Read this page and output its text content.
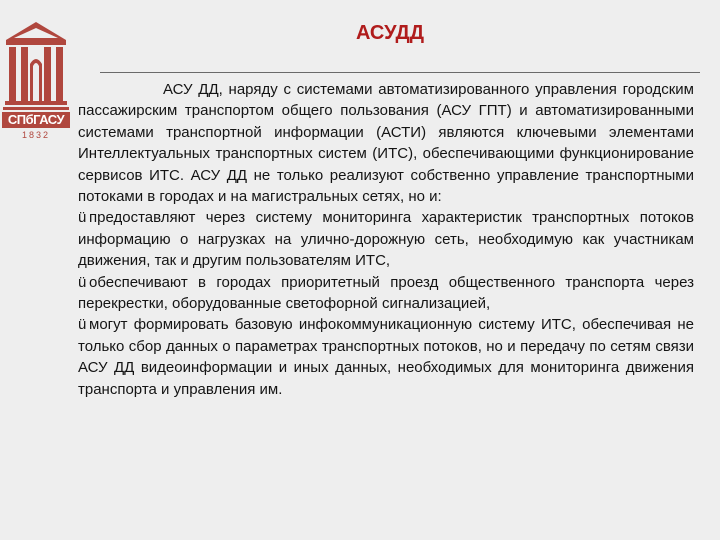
СПбГАСУ
1832
АСУДД

АСУ ДД, наряду с системами автоматизированного управления городским пассажирским транспортом общего пользования (АСУ ГПТ) и автоматизированными системами транспортной информации (АСТИ) являются ключевыми элементами Интеллектуальных транспортных систем (ИТС), обеспечивающими функционирование сервисов ИТС. АСУ ДД не только реализуют собственно управление транспортными потоками в городах и на магистральных сетях, но и:

ü предоставляют через систему мониторинга характеристик транспортных потоков информацию о нагрузках на улично-дорожную сеть, необходимую как участникам движения, так и другим пользователям ИТС,

ü обеспечивают в городах приоритетный проезд общественного транспорта через перекрестки, оборудованные светофорной сигнализацией,

ü могут формировать базовую инфокоммуникационную систему ИТС, обеспечивая не только сбор данных о параметрах транспортных потоков, но и передачу по сетям связи АСУ ДД видеоинформации и иных данных, необходимых для мониторинга движения транспорта и управления им.
